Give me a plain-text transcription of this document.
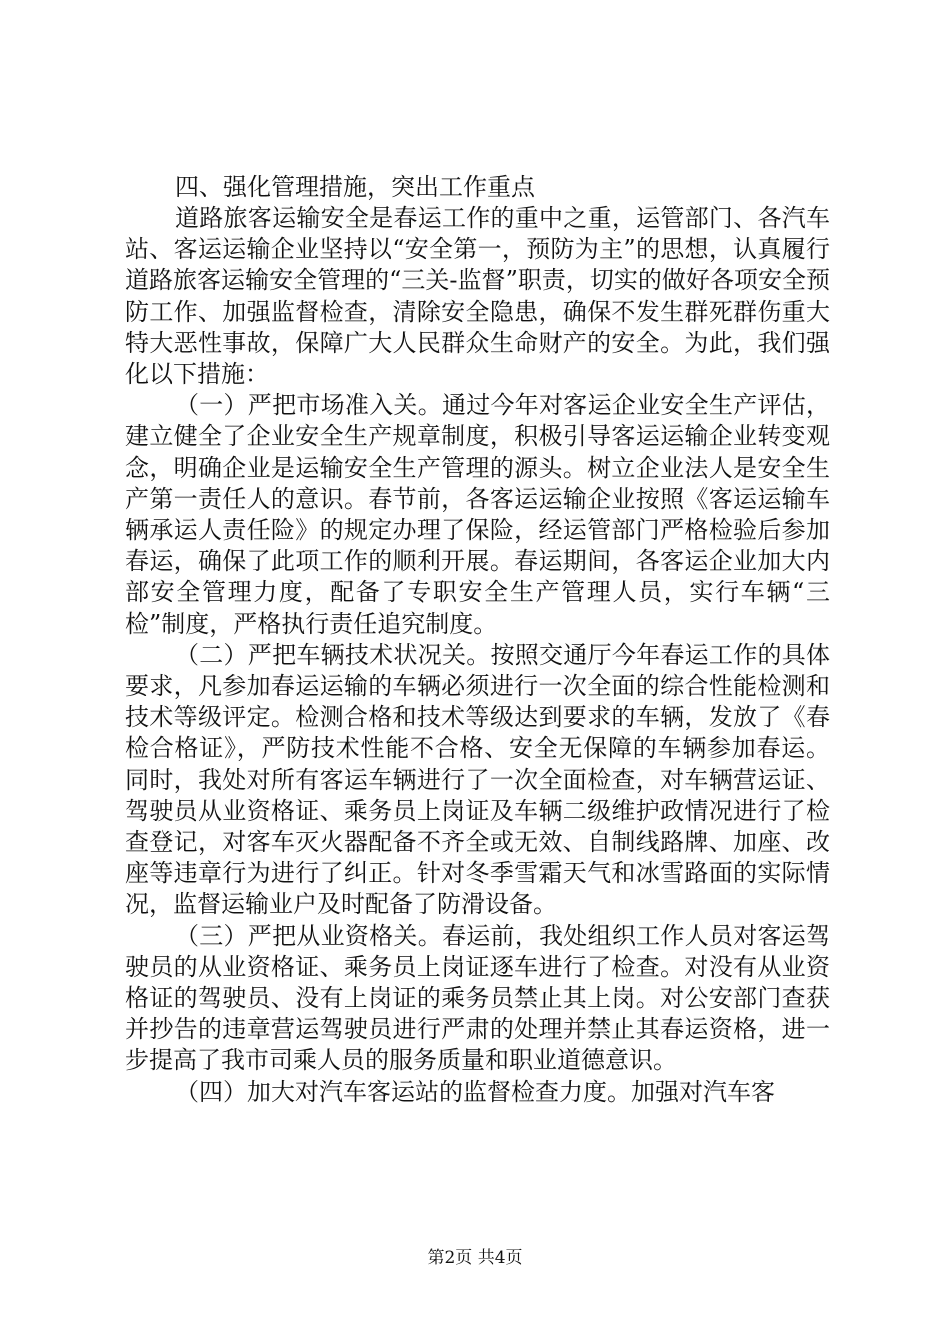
四、强化管理措施，突出工作重点

道路旅客运输安全是春运工作的重中之重，运管部门、各汽车站、客运运输企业坚持以“安全第一，预防为主”的思想，认真履行道路旅客运输安全管理的“三关-监督”职责，切实的做好各项安全预防工作、加强监督检查，清除安全隐患，确保不发生群死群伤重大特大恶性事故，保障广大人民群众生命财产的安全。为此，我们强化以下措施：

（一）严把市场准入关。通过今年对客运企业安全生产评估，建立健全了企业安全生产规章制度，积极引导客运运输企业转变观念，明确企业是运输安全生产管理的源头。树立企业法人是安全生产第一责任人的意识。春节前，各客运运输企业按照《客运运输车辆承运人责任险》的规定办理了保险，经运管部门严格检验后参加春运，确保了此项工作的顺利开展。春运期间，各客运企业加大内部安全管理力度，配备了专职安全生产管理人员，实行车辆“三检”制度，严格执行责任追究制度。

（二）严把车辆技术状况关。按照交通厅今年春运工作的具体要求，凡参加春运运输的车辆必须进行一次全面的综合性能检测和技术等级评定。检测合格和技术等级达到要求的车辆，发放了《春检合格证》，严防技术性能不合格、安全无保障的车辆参加春运。同时，我处对所有客运车辆进行了一次全面检查，对车辆营运证、驾驶员从业资格证、乘务员上岗证及车辆二级维护政情况进行了检查登记，对客车灭火器配备不齐全或无效、自制线路牌、加座、改座等违章行为进行了纠正。针对冬季雪霜天气和冰雪路面的实际情况，监督运输业户及时配备了防滑设备。

（三）严把从业资格关。春运前，我处组织工作人员对客运驾驶员的从业资格证、乘务员上岗证逐车进行了检查。对没有从业资格证的驾驶员、没有上岗证的乘务员禁止其上岗。对公安部门查获并抄告的违章营运驾驶员进行严肃的处理并禁止其春运资格，进一步提高了我市司乘人员的服务质量和职业道德意识。

（四）加大对汽车客运站的监督检查力度。加强对汽车客

第2页 共4页
